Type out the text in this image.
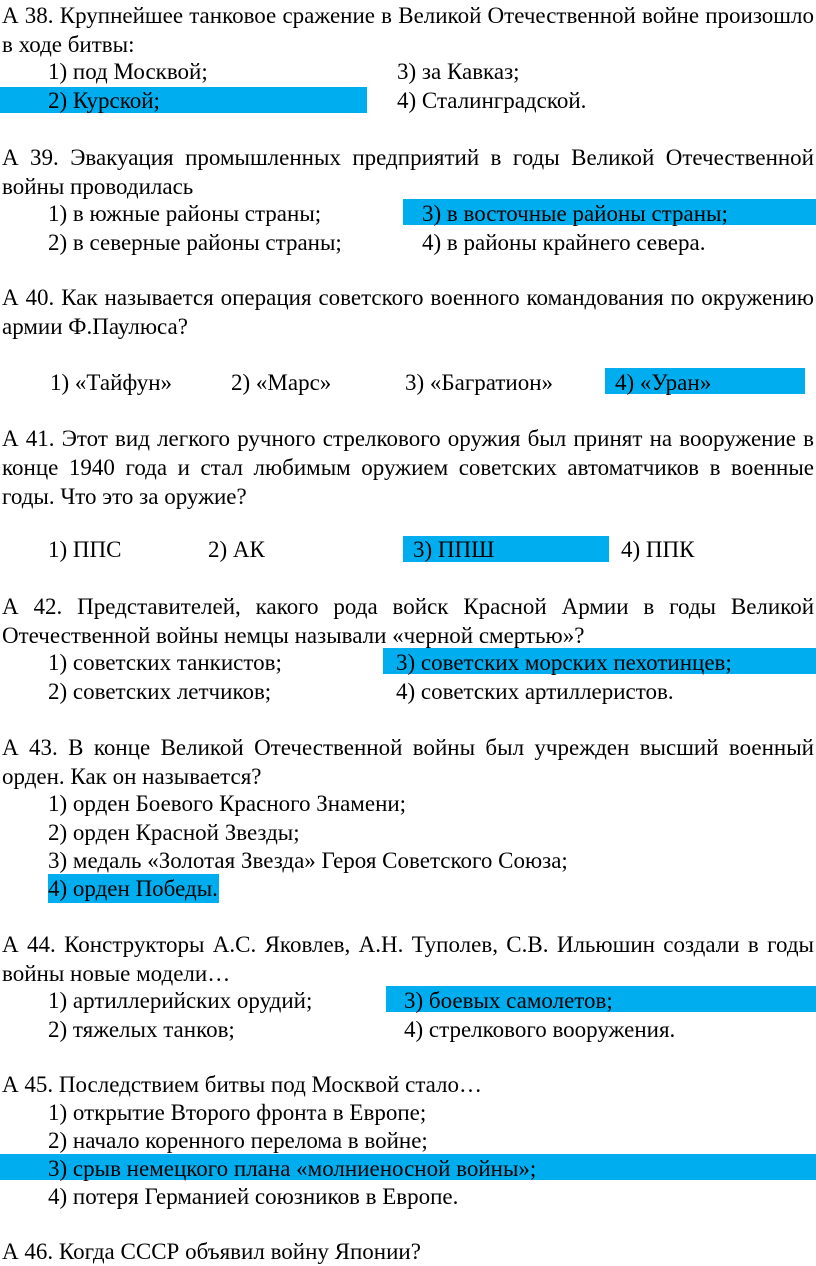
А 38. Крупнейшее танковое сражение в Великой Отечественной войне произошло в ходе битвы:
1) под Москвой;
2) Курской;
3) за Кавказ;
4) Сталинградской.
А 39. Эвакуация промышленных предприятий в годы Великой Отечественной войны проводилась
1) в южные районы страны;
2) в северные районы страны;
3) в восточные районы страны;
4) в районы крайнего севера.
А 40. Как называется операция советского военного командования по окружению армии Ф.Паулюса?
1) «Тайфун»	2) «Марс»	3) «Багратион»	4) «Уран»
А 41. Этот вид легкого ручного стрелкового оружия был принят на вооружение в конце 1940 года и стал любимым оружием советских автоматчиков в военные годы. Что это за оружие?
1) ППС	2) АК	3) ППШ	4) ППК
А 42. Представителей, какого рода войск Красной Армии в годы Великой Отечественной войны немцы называли «черной смертью»?
1) советских танкистов;
2) советских летчиков;
3) советских морских пехотинцев;
4) советских артиллеристов.
А 43. В конце Великой Отечественной войны был учрежден высший военный орден. Как он называется?
1) орден Боевого Красного Знамени;
2) орден Красной Звезды;
3) медаль «Золотая Звезда» Героя Советского Союза;
4) орден Победы.
А 44. Конструкторы А.С. Яковлев, А.Н. Туполев, С.В. Ильюшин создали в годы войны новые модели…
1) артиллерийских орудий;
2) тяжелых танков;
3) боевых самолетов;
4) стрелкового вооружения.
А 45. Последствием битвы под Москвой стало…
1) открытие Второго фронта в Европе;
2) начало коренного перелома в войне;
3) срыв немецкого плана «молниеносной войны»;
4) потеря Германией союзников в Европе.
А 46. Когда СССР объявил войну Японии?
